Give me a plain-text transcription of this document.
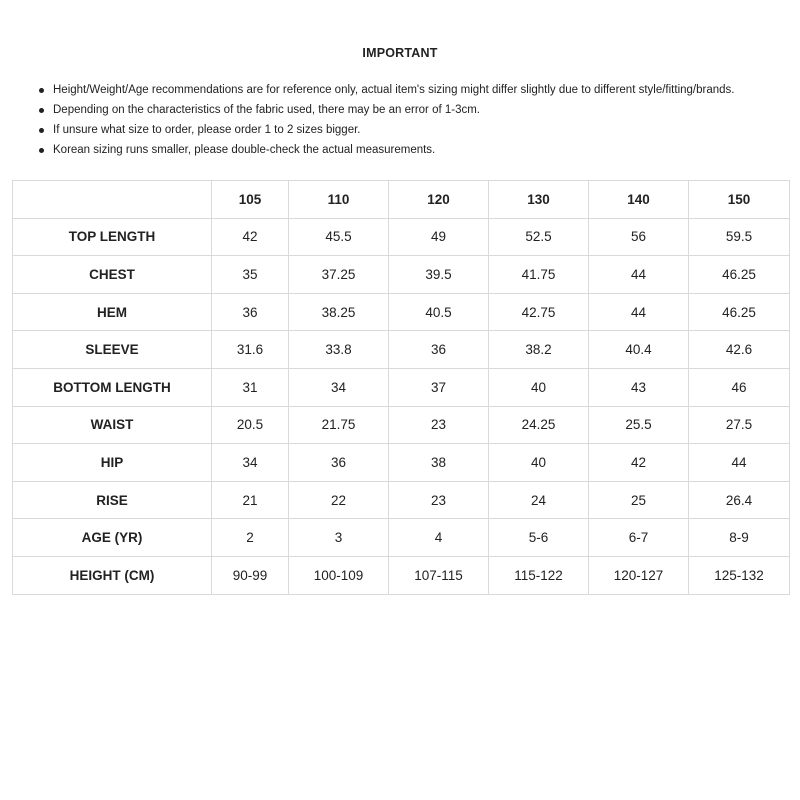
IMPORTANT
Height/Weight/Age recommendations are for reference only, actual item's sizing might differ slightly due to different style/fitting/brands.
Depending on the characteristics of the fabric used, there may be an error of 1-3cm.
If unsure what size to order, please order 1 to 2 sizes bigger.
Korean sizing runs smaller, please double-check the actual measurements.
	105	110	120	130	140	150
TOP LENGTH	42	45.5	49	52.5	56	59.5
CHEST	35	37.25	39.5	41.75	44	46.25
HEM	36	38.25	40.5	42.75	44	46.25
SLEEVE	31.6	33.8	36	38.2	40.4	42.6
BOTTOM LENGTH	31	34	37	40	43	46
WAIST	20.5	21.75	23	24.25	25.5	27.5
HIP	34	36	38	40	42	44
RISE	21	22	23	24	25	26.4
AGE (YR)	2	3	4	5-6	6-7	8-9
HEIGHT (CM)	90-99	100-109	107-115	115-122	120-127	125-132
